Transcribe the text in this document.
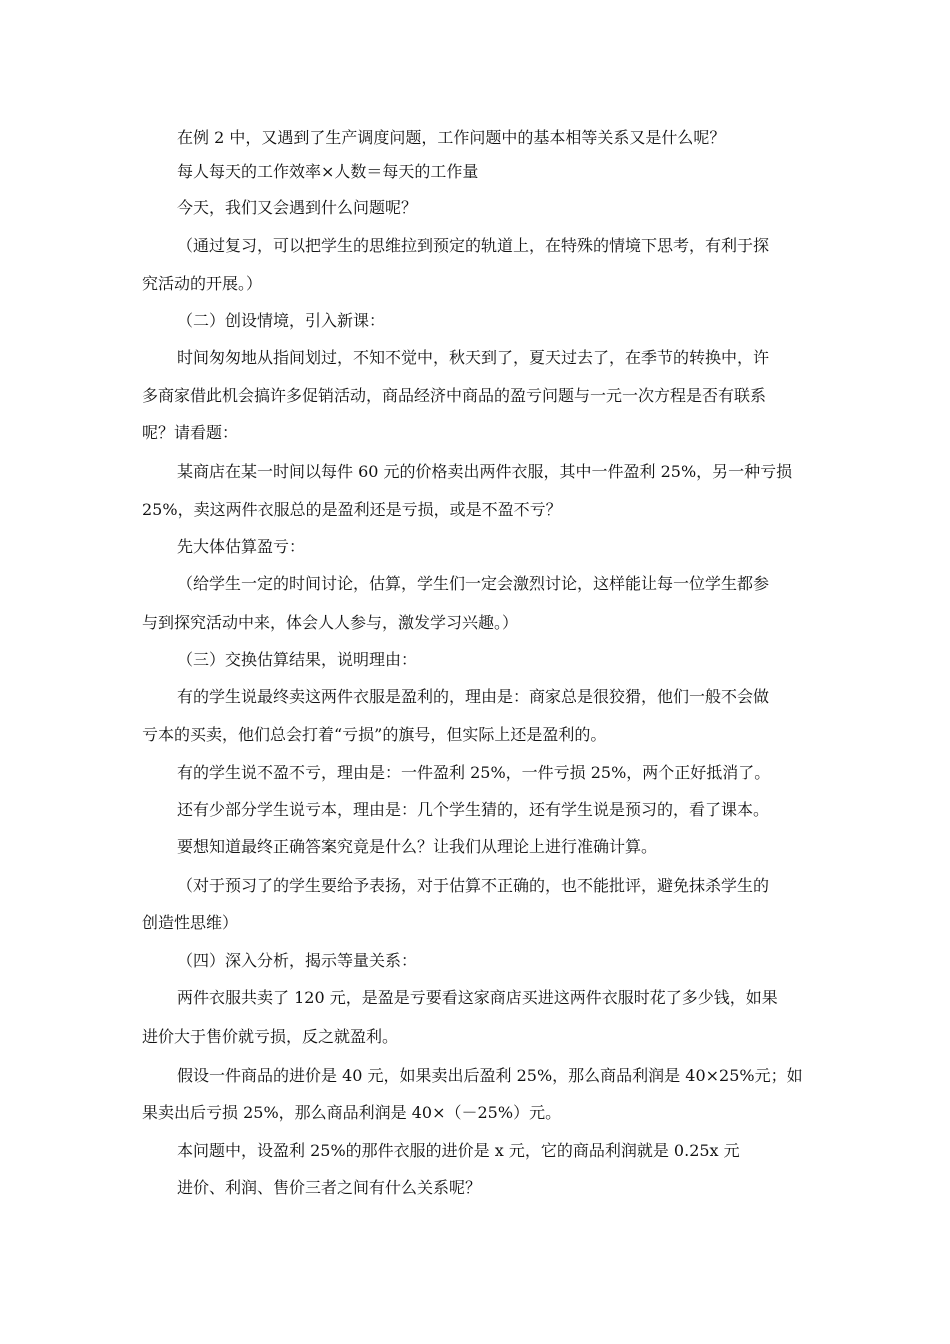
在例 2 中，又遇到了生产调度问题，工作问题中的基本相等关系又是什么呢？
每人每天的工作效率×人数＝每天的工作量
今天，我们又会遇到什么问题呢？
（通过复习，可以把学生的思维拉到预定的轨道上，在特殊的情境下思考，有利于探
究活动的开展。）
（二）创设情境，引入新课：
时间匆匆地从指间划过，不知不觉中，秋天到了，夏天过去了，在季节的转换中，许
多商家借此机会搞许多促销活动，商品经济中商品的盈亏问题与一元一次方程是否有联系
呢？请看题：
某商店在某一时间以每件 60 元的价格卖出两件衣服，其中一件盈利 25%，另一种亏损
25%，卖这两件衣服总的是盈利还是亏损，或是不盈不亏？
先大体估算盈亏：
（给学生一定的时间讨论，估算，学生们一定会激烈讨论，这样能让每一位学生都参
与到探究活动中来，体会人人参与，激发学习兴趣。）
（三）交换估算结果，说明理由：
有的学生说最终卖这两件衣服是盈利的，理由是：商家总是很狡猾，他们一般不会做
亏本的买卖，他们总会打着“亏损”的旗号，但实际上还是盈利的。
有的学生说不盈不亏，理由是：一件盈利 25%，一件亏损 25%，两个正好抵消了。
还有少部分学生说亏本，理由是：几个学生猜的，还有学生说是预习的，看了课本。
要想知道最终正确答案究竟是什么？让我们从理论上进行准确计算。
（对于预习了的学生要给予表扬，对于估算不正确的，也不能批评，避免抹杀学生的
创造性思维）
（四）深入分析，揭示等量关系：
两件衣服共卖了 120 元，是盈是亏要看这家商店买进这两件衣服时花了多少钱，如果
进价大于售价就亏损，反之就盈利。
假设一件商品的进价是 40 元，如果卖出后盈利 25%，那么商品利润是 40×25%元；如
果卖出后亏损 25%，那么商品利润是 40×（－25%）元。
本问题中，设盈利 25%的那件衣服的进价是 x 元，它的商品利润就是 0.25x 元
进价、利润、售价三者之间有什么关系呢？
